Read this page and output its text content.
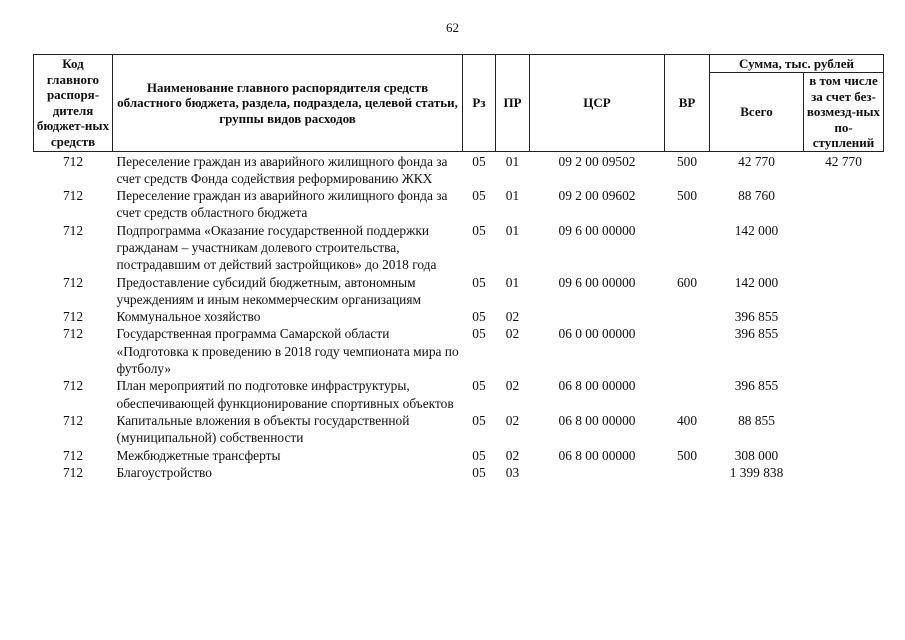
62
Код главного распоря-дителя бюджет-ных средств	Наименование главного распорядителя средств областного бюджета, раздела, подраздела, целевой статьи, группы видов расходов	Рз	ПР	ЦСР	ВР	Сумма, тыс. рублей	
						Всего	в том числе за счет без-возмезд-ных по-ступлений
712	Переселение граждан из аварийного жилищного фонда за счет средств Фонда содействия реформированию ЖКХ	05	01	09 2 00 09502	500	42 770	42 770
712	Переселение граждан из аварийного жилищного фонда за счет средств областного бюджета	05	01	09 2 00 09602	500	88 760	
712	Подпрограмма «Оказание государственной поддержки гражданам – участникам долевого строительства, пострадавшим от действий застройщиков» до 2018 года	05	01	09 6 00 00000		142 000	
712	Предоставление субсидий бюджетным, автономным учреждениям и иным некоммерческим организациям	05	01	09 6 00 00000	600	142 000	
712	Коммунальное хозяйство	05	02			396 855	
712	Государственная программа Самарской области «Подготовка к проведению в 2018 году чемпионата мира по футболу»	05	02	06 0 00 00000		396 855	
712	План мероприятий по подготовке инфраструктуры, обеспечивающей функционирование спортивных объектов	05	02	06 8 00 00000		396 855	
712	Капитальные вложения в объекты государственной (муниципальной) собственности	05	02	06 8 00 00000	400	88 855	
712	Межбюджетные трансферты	05	02	06 8 00 00000	500	308 000	
712	Благоустройство	05	03			1 399 838	
